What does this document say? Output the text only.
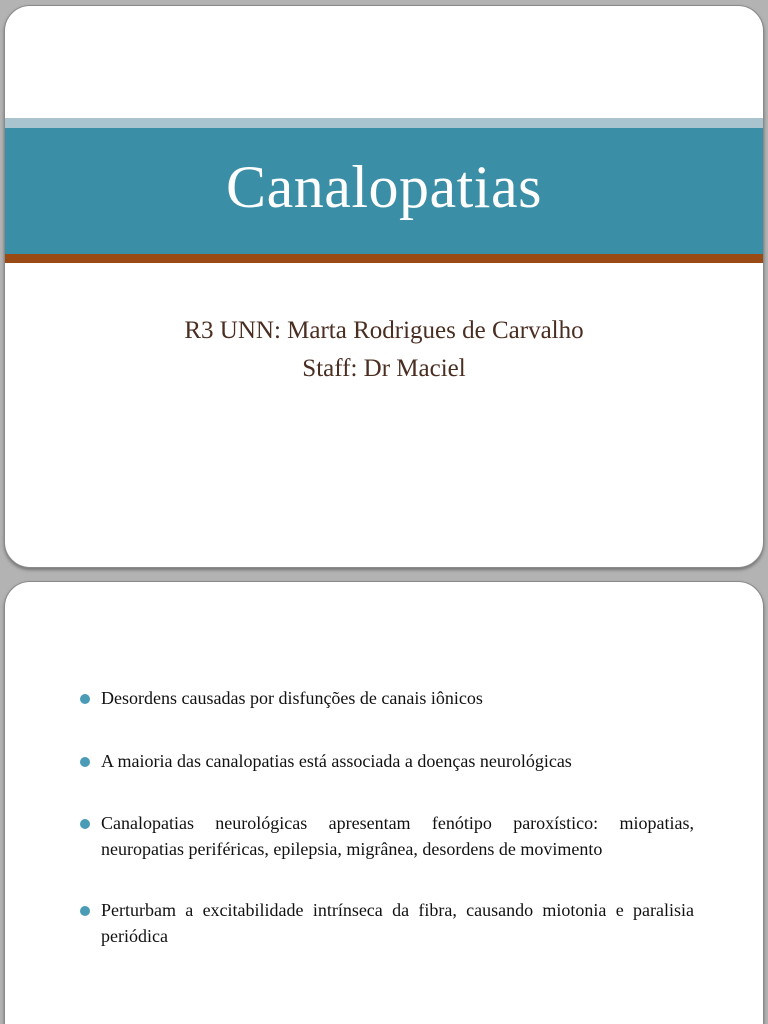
Canalopatias
R3 UNN: Marta Rodrigues de Carvalho
Staff: Dr Maciel
Desordens causadas por disfunções de canais iônicos
A maioria das canalopatias está associada a doenças neurológicas
Canalopatias neurológicas apresentam fenótipo paroxístico: miopatias, neuropatias periféricas, epilepsia, migrânea, desordens de movimento
Perturbam a excitabilidade intrínseca da fibra, causando miotonia e paralisia periódica
